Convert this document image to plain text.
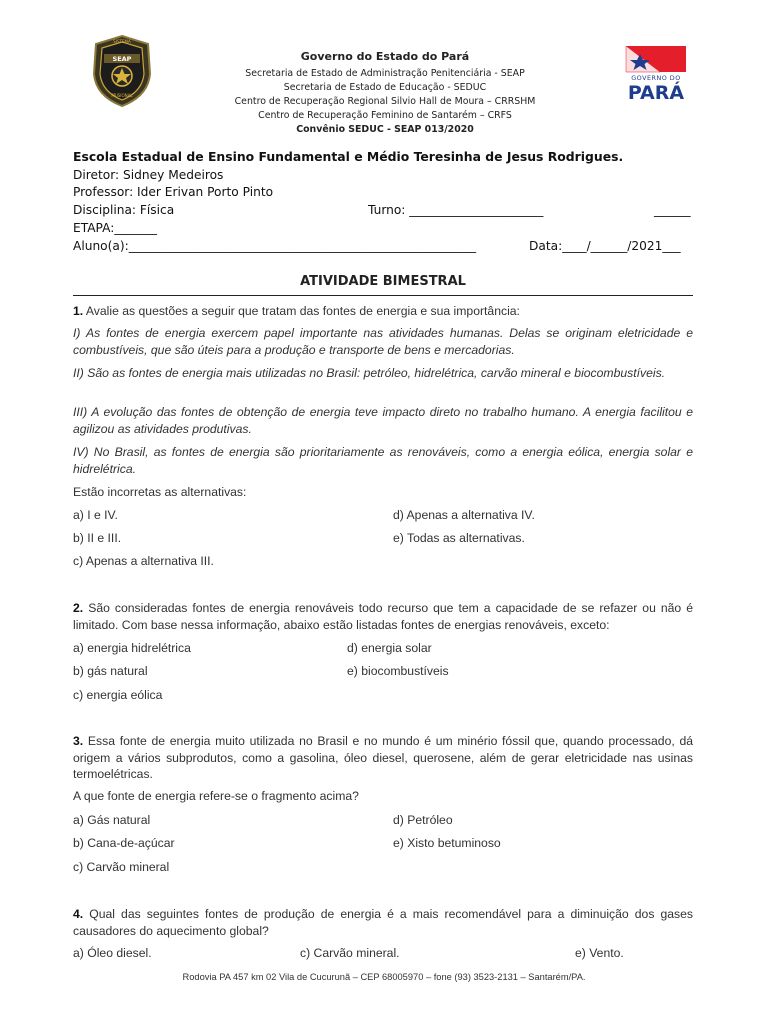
SISTEMA
SEAP
PRISIONAL
GOVERNO DO
PARÁ
Governo do Estado do Pará
Secretaria de Estado de Administração Penitenciária - SEAP
Secretaria de Estado de Educação - SEDUC
Centro de Recuperação Regional Silvio Hall de Moura – CRRSHM
Centro de Recuperação Feminino de Santarém – CRFS
Convênio SEDUC - SEAP 013/2020
Escola Estadual de Ensino Fundamental e Médio Teresinha de Jesus Rodrigues.
Diretor: Sidney Medeiros
Professor: Ider Erivan Porto Pinto
Disciplina: Física	Turno: ______________________	______
ETAPA:_______
Aluno(a):_________________________________________________________	Data:____/______/2021___
ATIVIDADE BIMESTRAL
1. Avalie as questões a seguir que tratam das fontes de energia e sua importância:
I) As fontes de energia exercem papel importante nas atividades humanas. Delas se originam eletricidade e combustíveis, que são úteis para a produção e transporte de bens e mercadorias.
II) São as fontes de energia mais utilizadas no Brasil: petróleo, hidrelétrica, carvão mineral e biocombustíveis.
III) A evolução das fontes de obtenção de energia teve impacto direto no trabalho humano. A energia facilitou e agilizou as atividades produtivas.
IV) No Brasil, as fontes de energia são prioritariamente as renováveis, como a energia eólica, energia solar e hidrelétrica.
Estão incorretas as alternativas:
a) I e IV.	d) Apenas a alternativa IV.
b) II e III.	e) Todas as alternativas.
c) Apenas a alternativa III.
2. São consideradas fontes de energia renováveis todo recurso que tem a capacidade de se refazer ou não é limitado. Com base nessa informação, abaixo estão listadas fontes de energias renováveis, exceto:
a) energia hidrelétrica	d) energia solar
b) gás natural	e) biocombustíveis
c) energia eólica
3. Essa fonte de energia muito utilizada no Brasil e no mundo é um minério fóssil que, quando processado, dá origem a vários subprodutos, como a gasolina, óleo diesel, querosene, além de gerar eletricidade nas usinas termoelétricas.
A que fonte de energia refere-se o fragmento acima?
a) Gás natural	d) Petróleo
b) Cana-de-açúcar	e) Xisto betuminoso
c) Carvão mineral
4. Qual das seguintes fontes de produção de energia é a mais recomendável para a diminuição dos gases causadores do aquecimento global?
a) Óleo diesel.	c) Carvão mineral.	e) Vento.
Rodovia PA 457 km 02 Vila de Cucurunã – CEP 68005970 – fone (93) 3523-2131 – Santarém/PA.
